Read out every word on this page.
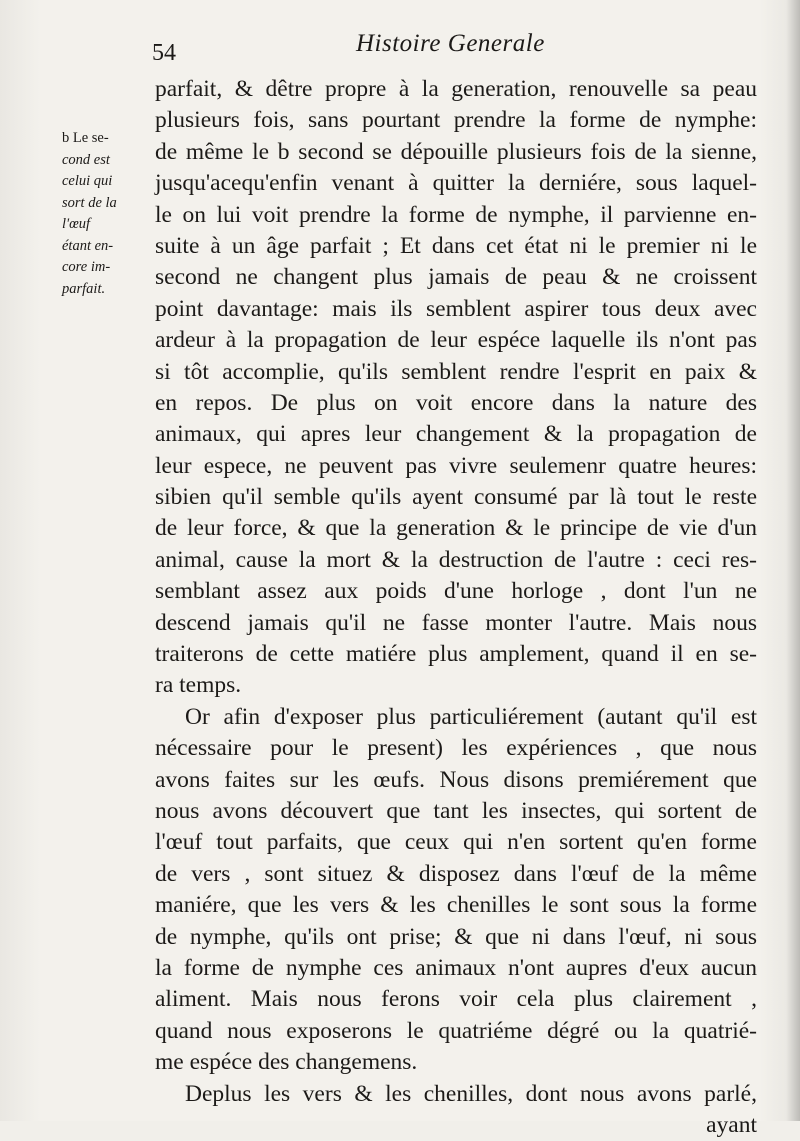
54	Histoire Generale
b Le se-
cond est
celui qui
sort de la
l'œuf
étant en-
core im-
parfait.
parfait, & dêtre propre à la generation, renouvelle sa peau
plusieurs fois, sans pourtant prendre la forme de nymphe:
de même le b second se dépouille plusieurs fois de la sienne,
jusqu'acequ'enfin venant à quitter la derniére, sous laquel-
le on lui voit prendre la forme de nymphe, il parvienne en-
suite à un âge parfait ; Et dans cet état ni le premier ni le
second ne changent plus jamais de peau & ne croissent
point davantage: mais ils semblent aspirer tous deux avec
ardeur à la propagation de leur espéce laquelle ils n'ont pas
si tôt accomplie, qu'ils semblent rendre l'esprit en paix &
en repos. De plus on voit encore dans la nature des
animaux, qui apres leur changement & la propagation de
leur espece, ne peuvent pas vivre seulemenr quatre heures:
sibien qu'il semble qu'ils ayent consumé par là tout le reste
de leur force, & que la generation & le principe de vie d'un
animal, cause la mort & la destruction de l'autre : ceci res-
semblant assez aux poids d'une horloge , dont l'un ne
descend jamais qu'il ne fasse monter l'autre. Mais nous
traiterons de cette matiére plus amplement, quand il en se-
ra temps.
Or afin d'exposer plus particuliérement (autant qu'il est
nécessaire pour le present) les expériences , que nous
avons faites sur les œufs. Nous disons premiérement que
nous avons découvert que tant les insectes, qui sortent de
l'œuf tout parfaits, que ceux qui n'en sortent qu'en forme
de vers , sont situez & disposez dans l'œuf de la même
maniére, que les vers & les chenilles le sont sous la forme
de nymphe, qu'ils ont prise; & que ni dans l'œuf, ni sous
la forme de nymphe ces animaux n'ont aupres d'eux aucun
aliment. Mais nous ferons voir cela plus clairement ,
quand nous exposerons le quatriéme dégré ou la quatrié-
me espéce des changemens.
Deplus les vers & les chenilles, dont nous avons parlé,
ayant
